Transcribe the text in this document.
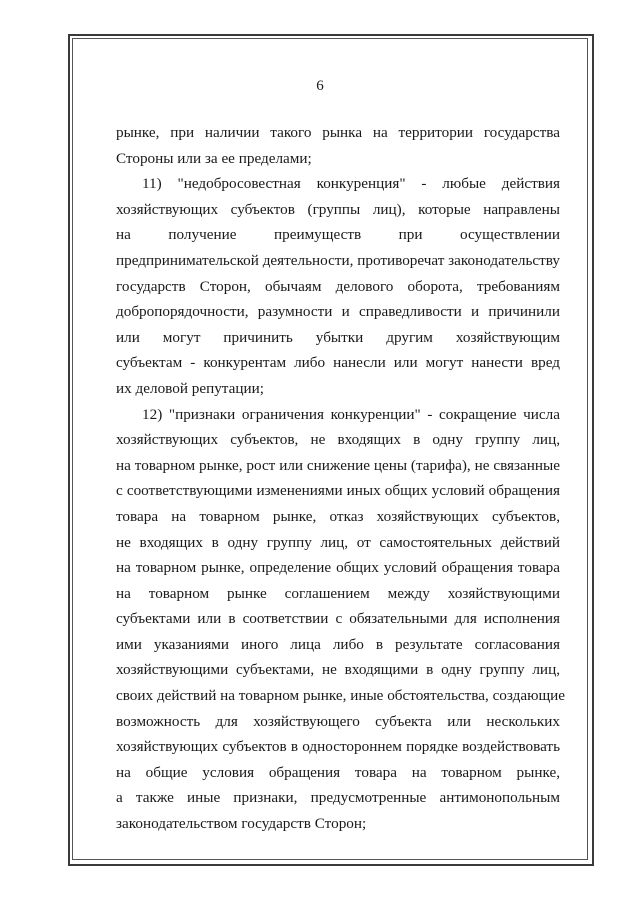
6
рынке, при наличии такого рынка на территории государства
Стороны или за ее пределами;
11) "недобросовестная конкуренция" - любые действия
хозяйствующих субъектов (группы лиц), которые направлены
на получение преимуществ при осуществлении
предпринимательской деятельности, противоречат законодательству
государств Сторон, обычаям делового оборота, требованиям
добропорядочности, разумности и справедливости и причинили
или могут причинить убытки другим хозяйствующим
субъектам - конкурентам либо нанесли или могут нанести вред
их деловой репутации;
12) "признаки ограничения конкуренции" - сокращение числа
хозяйствующих субъектов, не входящих в одну группу лиц,
на товарном рынке, рост или снижение цены (тарифа), не связанные
с соответствующими изменениями иных общих условий обращения
товара на товарном рынке, отказ хозяйствующих субъектов,
не входящих в одну группу лиц, от самостоятельных действий
на товарном рынке, определение общих условий обращения товара
на товарном рынке соглашением между хозяйствующими
субъектами или в соответствии с обязательными для исполнения
ими указаниями иного лица либо в результате согласования
хозяйствующими субъектами, не входящими в одну группу лиц,
своих действий на товарном рынке, иные обстоятельства, создающие
возможность для хозяйствующего субъекта или нескольких
хозяйствующих субъектов в одностороннем порядке воздействовать
на общие условия обращения товара на товарном рынке,
а также иные признаки, предусмотренные антимонопольным
законодательством государств Сторон;
